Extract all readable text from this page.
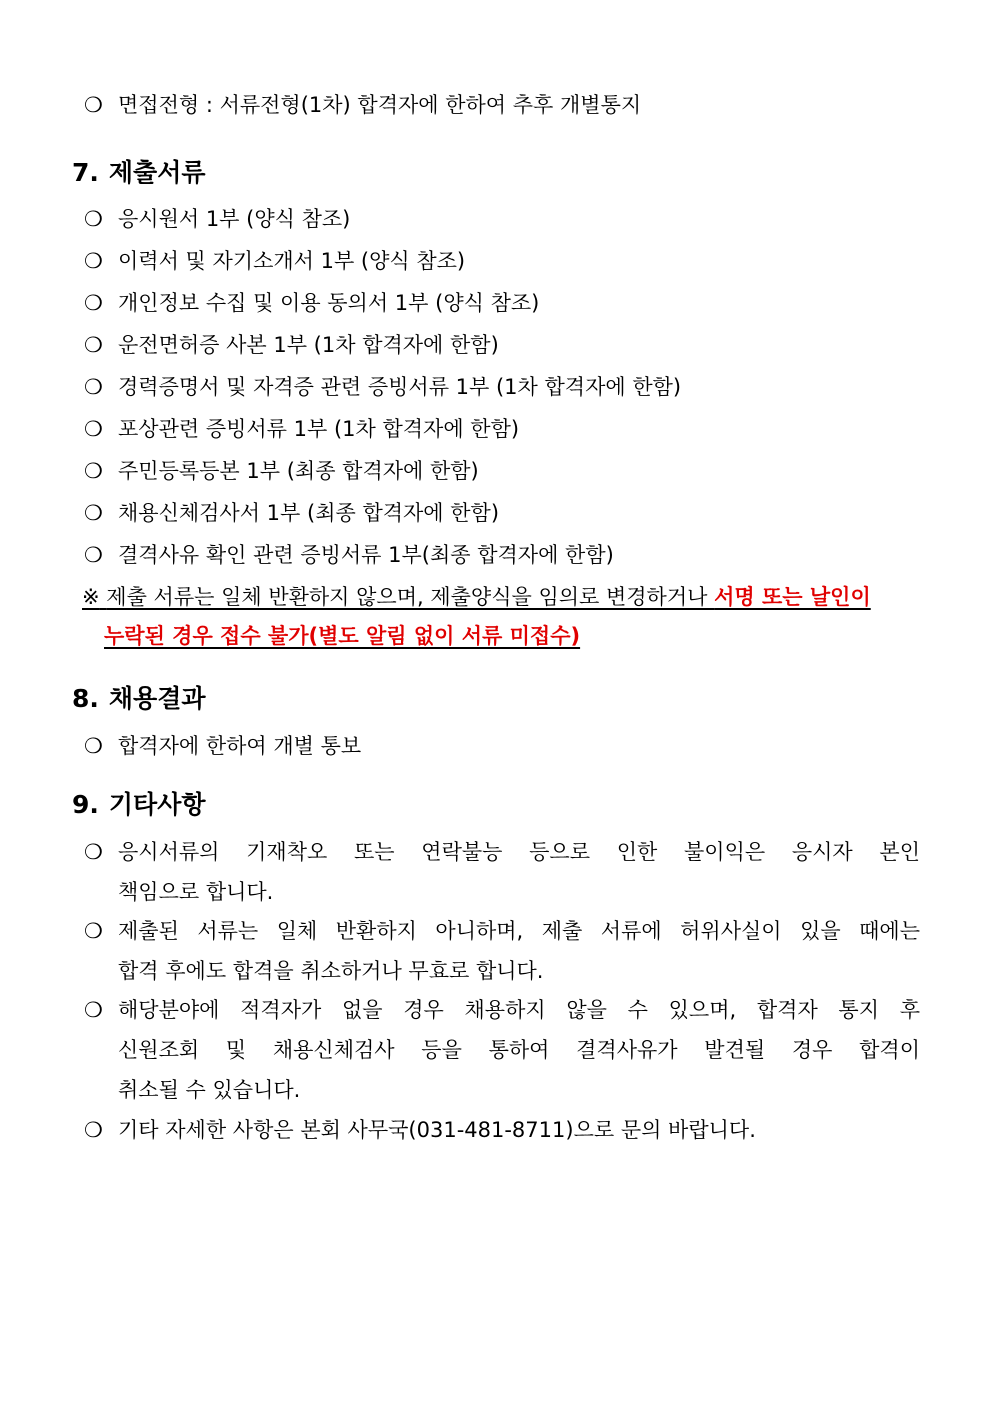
❍ 면접전형 : 서류전형(1차) 합격자에 한하여 추후 개별통지
7. 제출서류
❍ 응시원서 1부 (양식 참조)
❍ 이력서 및 자기소개서 1부 (양식 참조)
❍ 개인정보 수집 및 이용 동의서 1부 (양식 참조)
❍ 운전면허증 사본 1부 (1차 합격자에 한함)
❍ 경력증명서 및 자격증 관련 증빙서류 1부 (1차 합격자에 한함)
❍ 포상관련 증빙서류 1부 (1차 합격자에 한함)
❍ 주민등록등본 1부 (최종 합격자에 한함)
❍ 채용신체검사서 1부 (최종 합격자에 한함)
❍ 결격사유 확인 관련 증빙서류 1부(최종 합격자에 한함)
※ 제출 서류는 일체 반환하지 않으며, 제출양식을 임의로 변경하거나 서명 또는 날인이
누락된 경우 접수 불가(별도 알림 없이 서류 미접수)
8. 채용결과
❍ 합격자에 한하여 개별 통보
9. 기타사항
❍ 응시서류의 기재착오 또는 연락불능 등으로 인한 불이익은 응시자 본인
책임으로 합니다.
❍ 제출된 서류는 일체 반환하지 아니하며, 제출 서류에 허위사실이 있을 때에는
합격 후에도 합격을 취소하거나 무효로 합니다.
❍ 해당분야에 적격자가 없을 경우 채용하지 않을 수 있으며, 합격자 통지 후
신원조회 및 채용신체검사 등을 통하여 결격사유가 발견될 경우 합격이
취소될 수 있습니다.
❍ 기타 자세한 사항은 본회 사무국(031-481-8711)으로 문의 바랍니다.
